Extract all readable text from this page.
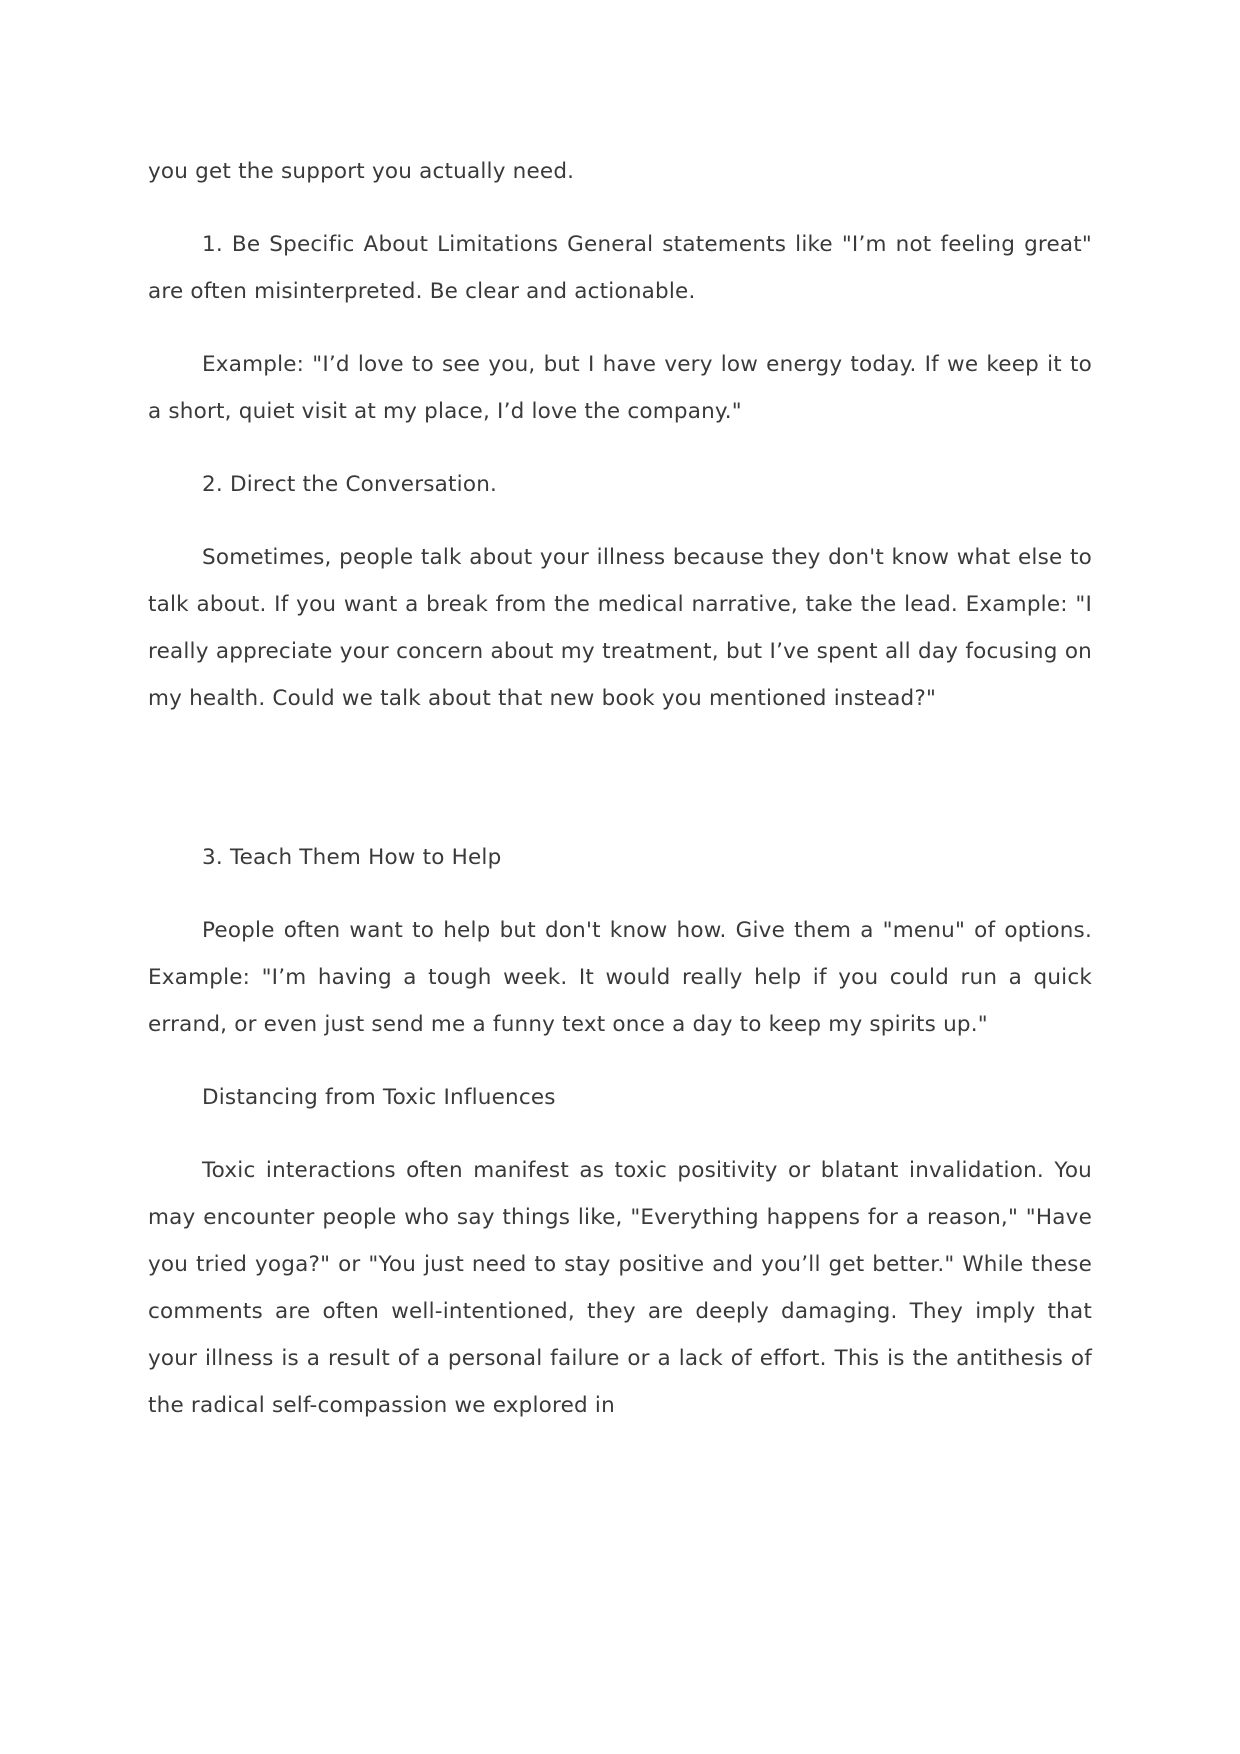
you get the support you actually need.

1. Be Specific About Limitations General statements like "I’m not feeling great" are often misinterpreted. Be clear and actionable.

Example: "I’d love to see you, but I have very low energy today. If we keep it to a short, quiet visit at my place, I’d love the company."

2. Direct the Conversation.

Sometimes, people talk about your illness because they don't know what else to talk about. If you want a break from the medical narrative, take the lead. Example: "I really appreciate your concern about my treatment, but I’ve spent all day focusing on my health. Could we talk about that new book you mentioned instead?"

3. Teach Them How to Help

People often want to help but don't know how. Give them a "menu" of options. Example: "I’m having a tough week. It would really help if you could run a quick errand, or even just send me a funny text once a day to keep my spirits up."

Distancing from Toxic Influences

Toxic interactions often manifest as toxic positivity or blatant invalidation. You may encounter people who say things like, "Everything happens for a reason," "Have you tried yoga?" or "You just need to stay positive and you’ll get better." While these comments are often well-intentioned, they are deeply damaging. They imply that your illness is a result of a personal failure or a lack of effort. This is the antithesis of the radical self-compassion we explored in
